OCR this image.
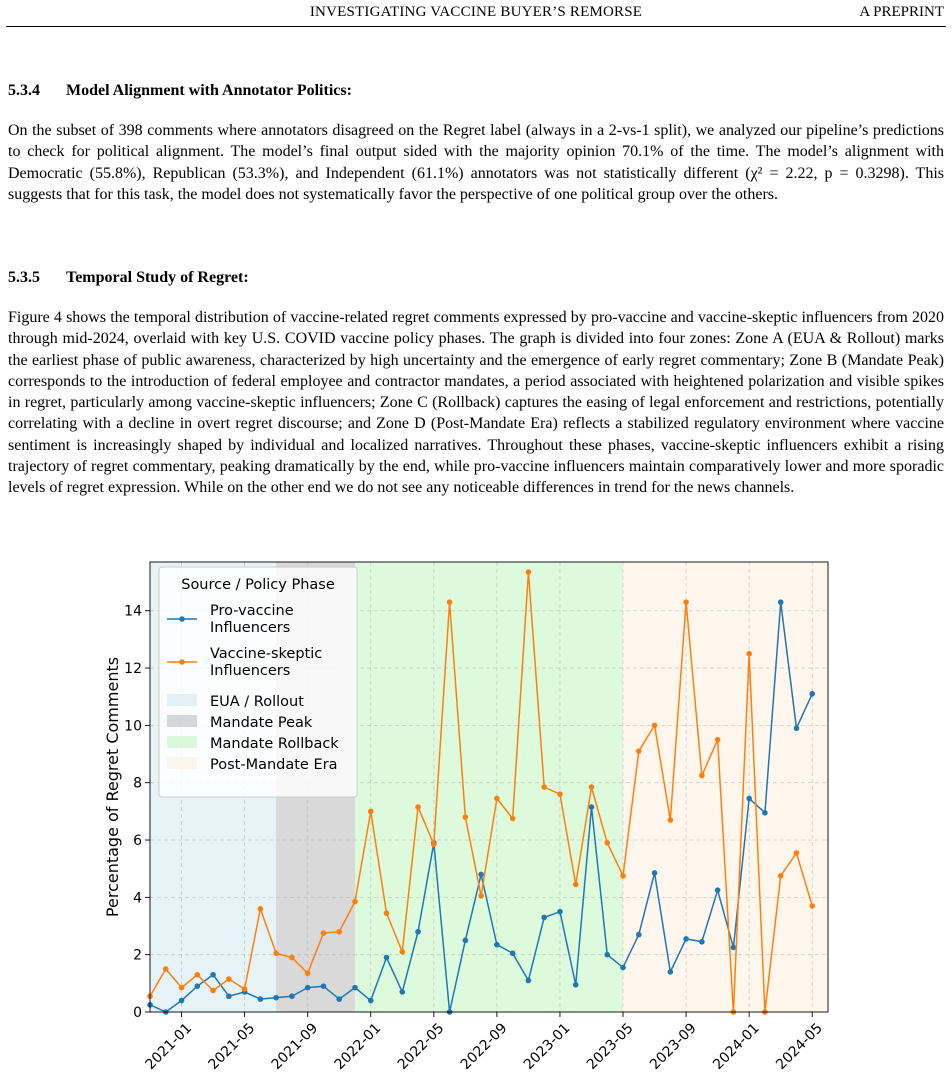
INVESTIGATING VACCINE BUYER’S REMORSE	A PREPRINT
5.3.4 Model Alignment with Annotator Politics:
On the subset of 398 comments where annotators disagreed on the Regret label (always in a 2-vs-1 split), we analyzed our pipeline’s predictions to check for political alignment. The model’s final output sided with the majority opinion 70.1% of the time. The model’s alignment with Democratic (55.8%), Republican (53.3%), and Independent (61.1%) annotators was not statistically different (χ² = 2.22, p = 0.3298). This suggests that for this task, the model does not systematically favor the perspective of one political group over the others.
5.3.5 Temporal Study of Regret:
Figure 4 shows the temporal distribution of vaccine-related regret comments expressed by pro-vaccine and vaccine-skeptic influencers from 2020 through mid-2024, overlaid with key U.S. COVID vaccine policy phases. The graph is divided into four zones: Zone A (EUA & Rollout) marks the earliest phase of public awareness, characterized by high uncertainty and the emergence of early regret commentary; Zone B (Mandate Peak) corresponds to the introduction of federal employee and contractor mandates, a period associated with heightened polarization and visible spikes in regret, particularly among vaccine-skeptic influencers; Zone C (Rollback) captures the easing of legal enforcement and restrictions, potentially correlating with a decline in overt regret discourse; and Zone D (Post-Mandate Era) reflects a stabilized regulatory environment where vaccine sentiment is increasingly shaped by individual and localized narratives. Throughout these phases, vaccine-skeptic influencers exhibit a rising trajectory of regret commentary, peaking dramatically by the end, while pro-vaccine influencers maintain comparatively lower and more sporadic levels of regret expression. While on the other end we do not see any noticeable differences in trend for the news channels.
0
2
4
6
8
10
12
14
2021-01 2021-05 2021-09 2022-01 2022-05 2022-09 2023-01 2023-05 2023-09 2024-01 2024-05
Percentage of Regret Comments
Source / Policy Phase
Pro-vaccine
Influencers
Vaccine-skeptic
Influencers
EUA / Rollout
Mandate Peak
Mandate Rollback
Post-Mandate Era
